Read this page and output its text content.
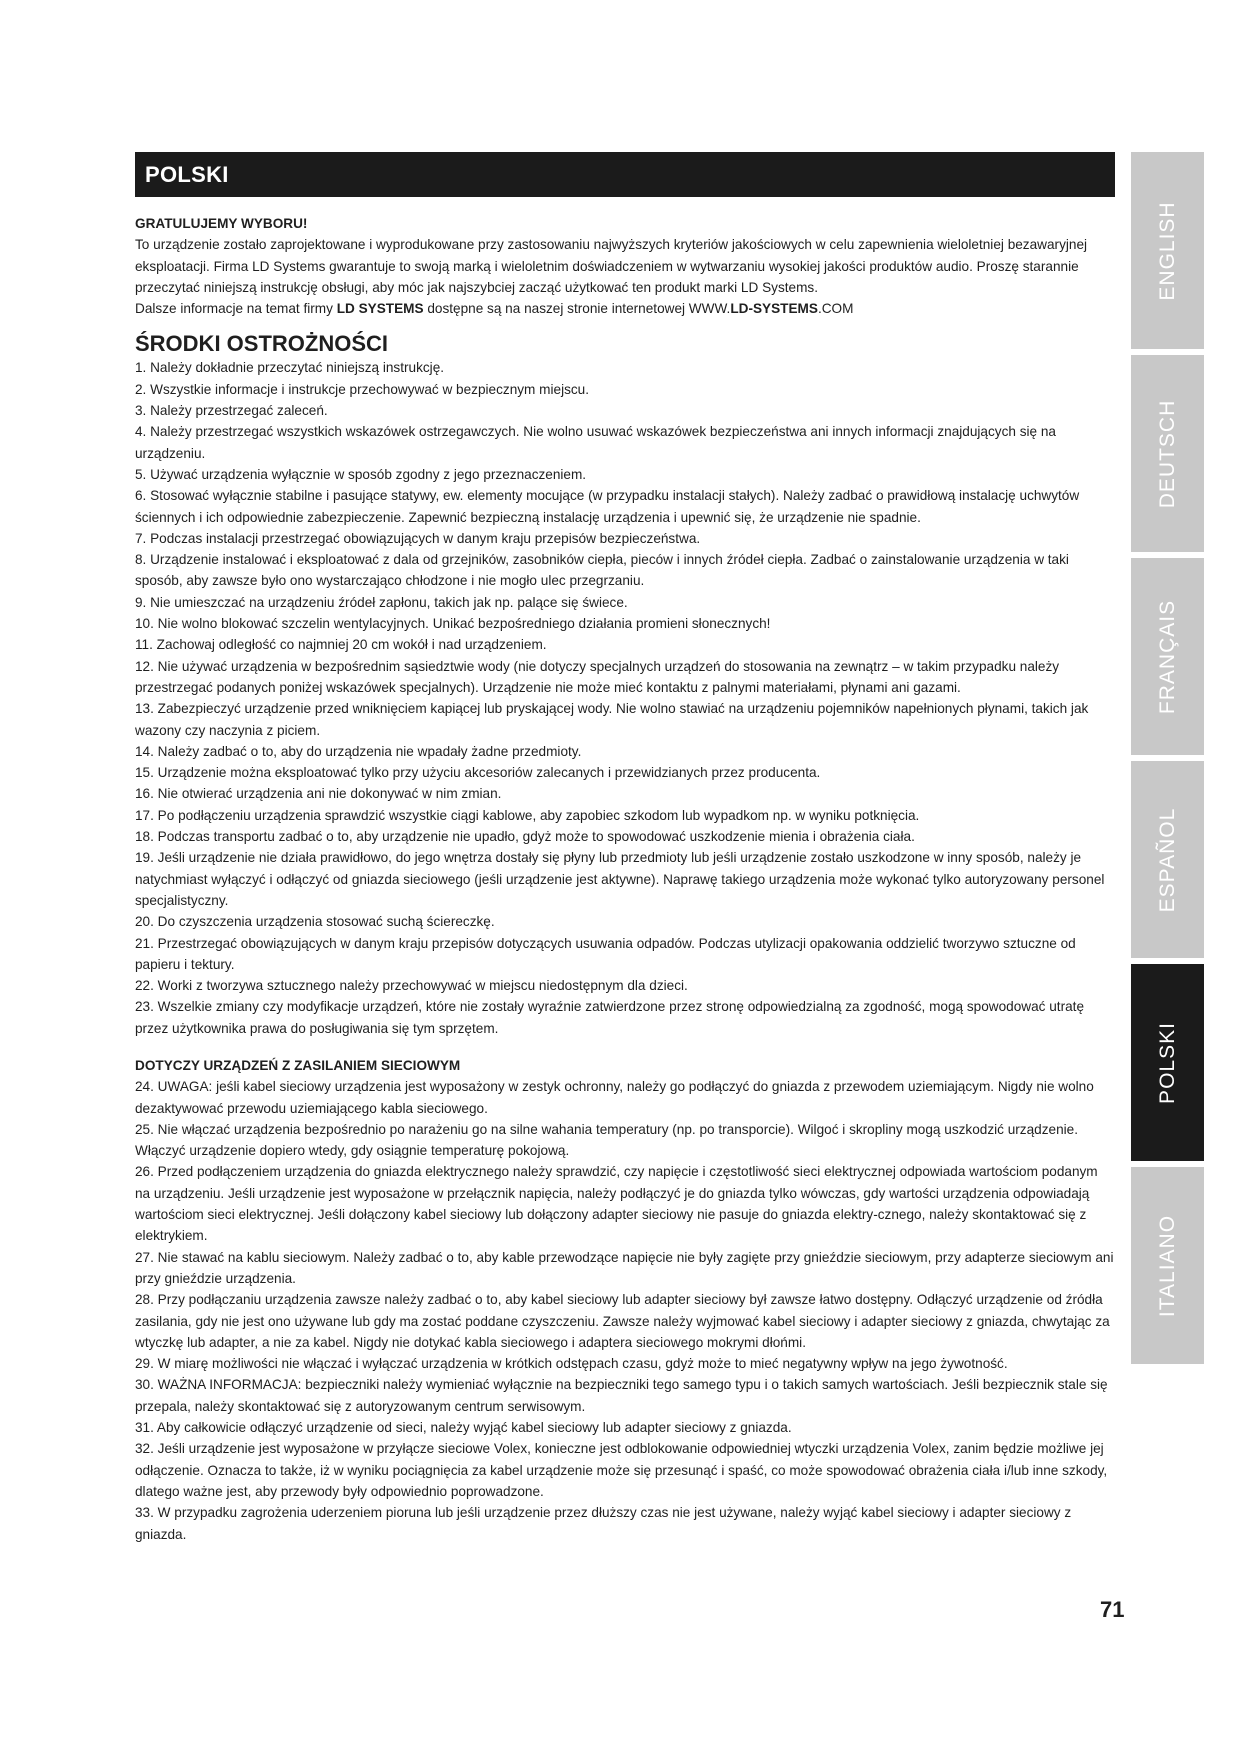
POLSKI

GRATULUJEMY WYBORU!

To urządzenie zostało zaprojektowane i wyprodukowane przy zastosowaniu najwyższych kryteriów jakościowych w celu zapewnienia wieloletniej bezawaryjnej eksploatacji. Firma LD Systems gwarantuje to swoją marką i wieloletnim doświadczeniem w wytwarzaniu wysokiej jakości produktów audio. Proszę starannie przeczytać niniejszą instrukcję obsługi, aby móc jak najszybciej zacząć użytkować ten produkt marki LD Systems.

Dalsze informacje na temat firmy LD SYSTEMS dostępne są na naszej stronie internetowej WWW.LD-SYSTEMS.COM

ŚRODKI OSTROŻNOŚCI

1. Należy dokładnie przeczytać niniejszą instrukcję.

2. Wszystkie informacje i instrukcje przechowywać w bezpiecznym miejscu.

3. Należy przestrzegać zaleceń.

4. Należy przestrzegać wszystkich wskazówek ostrzegawczych. Nie wolno usuwać wskazówek bezpieczeństwa ani innych informacji znajdujących się na urządzeniu.

5. Używać urządzenia wyłącznie w sposób zgodny z jego przeznaczeniem.

6. Stosować wyłącznie stabilne i pasujące statywy, ew. elementy mocujące (w przypadku instalacji stałych). Należy zadbać o prawidłową instalację uchwytów ściennych i ich odpowiednie zabezpieczenie. Zapewnić bezpieczną instalację urządzenia i upewnić się, że urządzenie nie spadnie.

7. Podczas instalacji przestrzegać obowiązujących w danym kraju przepisów bezpieczeństwa.

8. Urządzenie instalować i eksploatować z dala od grzejników, zasobników ciepła, pieców i innych źródeł ciepła. Zadbać o zainstalowanie urządzenia w taki sposób, aby zawsze było ono wystarczająco chłodzone i nie mogło ulec przegrzaniu.

9. Nie umieszczać na urządzeniu źródeł zapłonu, takich jak np. palące się świece.

10. Nie wolno blokować szczelin wentylacyjnych. Unikać bezpośredniego działania promieni słonecznych!

11. Zachowaj odległość co najmniej 20 cm wokół i nad urządzeniem.

12. Nie używać urządzenia w bezpośrednim sąsiedztwie wody (nie dotyczy specjalnych urządzeń do stosowania na zewnątrz – w takim przypadku należy przestrzegać podanych poniżej wskazówek specjalnych). Urządzenie nie może mieć kontaktu z palnymi materiałami, płynami ani gazami.

13. Zabezpieczyć urządzenie przed wniknięciem kapiącej lub pryskającej wody. Nie wolno stawiać na urządzeniu pojemników napełnionych płynami, takich jak wazony czy naczynia z piciem.

14. Należy zadbać o to, aby do urządzenia nie wpadały żadne przedmioty.

15. Urządzenie można eksploatować tylko przy użyciu akcesoriów zalecanych i przewidzianych przez producenta.

16. Nie otwierać urządzenia ani nie dokonywać w nim zmian.

17. Po podłączeniu urządzenia sprawdzić wszystkie ciągi kablowe, aby zapobiec szkodom lub wypadkom np. w wyniku potknięcia.

18. Podczas transportu zadbać o to, aby urządzenie nie upadło, gdyż może to spowodować uszkodzenie mienia i obrażenia ciała.

19. Jeśli urządzenie nie działa prawidłowo, do jego wnętrza dostały się płyny lub przedmioty lub jeśli urządzenie zostało uszkodzone w inny sposób, należy je natychmiast wyłączyć i odłączyć od gniazda sieciowego (jeśli urządzenie jest aktywne). Naprawę takiego urządzenia może wykonać tylko autoryzowany personel specjalistyczny.

20. Do czyszczenia urządzenia stosować suchą ściereczkę.

21. Przestrzegać obowiązujących w danym kraju przepisów dotyczących usuwania odpadów. Podczas utylizacji opakowania oddzielić tworzywo sztuczne od papieru i tektury.

22. Worki z tworzywa sztucznego należy przechowywać w miejscu niedostępnym dla dzieci.

23. Wszelkie zmiany czy modyfikacje urządzeń, które nie zostały wyraźnie zatwierdzone przez stronę odpowiedzialną za zgodność, mogą spowodować utratę przez użytkownika prawa do posługiwania się tym sprzętem.

DOTYCZY URZĄDZEŃ Z ZASILANIEM SIECIOWYM

24. UWAGA: jeśli kabel sieciowy urządzenia jest wyposażony w zestyk ochronny, należy go podłączyć do gniazda z przewodem uziemiającym. Nigdy nie wolno dezaktywować przewodu uziemiającego kabla sieciowego.

25. Nie włączać urządzenia bezpośrednio po narażeniu go na silne wahania temperatury (np. po transporcie). Wilgoć i skropliny mogą uszkodzić urządzenie. Włączyć urządzenie dopiero wtedy, gdy osiągnie temperaturę pokojową.

26. Przed podłączeniem urządzenia do gniazda elektrycznego należy sprawdzić, czy napięcie i częstotliwość sieci elektrycznej odpowiada wartościom podanym na urządzeniu. Jeśli urządzenie jest wyposażone w przełącznik napięcia, należy podłączyć je do gniazda tylko wówczas, gdy wartości urządzenia odpowiadają wartościom sieci elektrycznej. Jeśli dołączony kabel sieciowy lub dołączony adapter sieciowy nie pasuje do gniazda elektry-cznego, należy skontaktować się z elektrykiem.

27. Nie stawać na kablu sieciowym. Należy zadbać o to, aby kable przewodzące napięcie nie były zagięte przy gnieździe sieciowym, przy adapterze sieciowym ani przy gnieździe urządzenia.

28. Przy podłączaniu urządzenia zawsze należy zadbać o to, aby kabel sieciowy lub adapter sieciowy był zawsze łatwo dostępny. Odłączyć urządzenie od źródła zasilania, gdy nie jest ono używane lub gdy ma zostać poddane czyszczeniu. Zawsze należy wyjmować kabel sieciowy i adapter sieciowy z gniazda, chwytając za wtyczkę lub adapter, a nie za kabel. Nigdy nie dotykać kabla sieciowego i adaptera sieciowego mokrymi dłońmi.

29. W miarę możliwości nie włączać i wyłączać urządzenia w krótkich odstępach czasu, gdyż może to mieć negatywny wpływ na jego żywotność.

30. WAŻNA INFORMACJA: bezpieczniki należy wymieniać wyłącznie na bezpieczniki tego samego typu i o takich samych wartościach. Jeśli bezpiecznik stale się przepala, należy skontaktować się z autoryzowanym centrum serwisowym.

31. Aby całkowicie odłączyć urządzenie od sieci, należy wyjąć kabel sieciowy lub adapter sieciowy z gniazda.

32. Jeśli urządzenie jest wyposażone w przyłącze sieciowe Volex, konieczne jest odblokowanie odpowiedniej wtyczki urządzenia Volex, zanim będzie możliwe jej odłączenie. Oznacza to także, iż w wyniku pociągnięcia za kabel urządzenie może się przesunąć i spaść, co może spowodować obrażenia ciała i/lub inne szkody, dlatego ważne jest, aby przewody były odpowiednio poprowadzone.

33. W przypadku zagrożenia uderzeniem pioruna lub jeśli urządzenie przez dłuższy czas nie jest używane, należy wyjąć kabel sieciowy i adapter sieciowy z gniazda.

ENGLISH
DEUTSCH
FRANÇAIS
ESPAÑOL
POLSKI
ITALIANO
71
